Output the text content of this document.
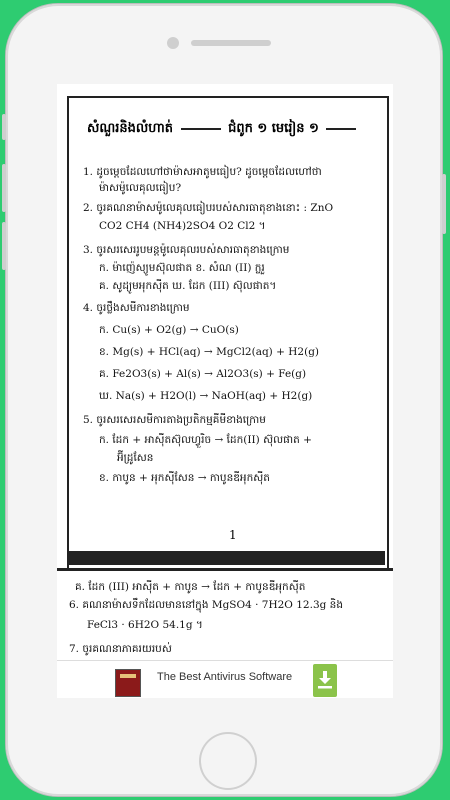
សំណួរនិងលំហាត់	ជំពូក ១ មេរៀន ១
1. ដូចម្ដេចដែលហៅថាម៉ាសអាតូមធៀប? ដូចម្ដេចដែលហៅថា
ម៉ាសម៉ូលេគុលធៀប?
2. ចូរគណនាម៉ាសម៉ូលេគុលធៀបរបស់សារធាតុខាងនោះ : ZnO
CO2 CH4 (NH4)2SO4 O2 Cl2 ។
3. ចូរសរសេររូបមន្តម៉ូលេគុលរបស់សារធាតុខាងក្រោម
ក. ម៉ាញ៉េស្យូមស៊ុលផាត ខ. សំណ (II) ក្លរួ
គ. សូដ្យូមអុកស៊ីត ឃ. ដែក (III) ស៊ុលផាត។
4. ចូរថ្លឹងសមីការខាងក្រោម
ក. Cu(s) + O2(g) → CuO(s)
ខ. Mg(s) + HCl(aq) → MgCl2(aq) + H2(g)
គ. Fe2O3(s) + Al(s) → Al2O3(s) + Fe(g)
ឃ. Na(s) + H2O(l) → NaOH(aq) + H2(g)
5. ចូរសរសេរសមីការតាងប្រតិកម្មគីមីខាងក្រោម
ក. ដែក + អាស៊ីតស៊ុលហ្វួរិច → ដែក(II) ស៊ុលផាត +
អ៊ីដ្រូសែន
ខ. កាបូន + អុកស៊ីសែន → កាបូនឌីអុកស៊ីត
1
គ. ដែក (III) អាស៊ីត + កាបូន → ដែក + កាបូនឌីអុកស៊ីត
6. គណនាម៉ាសទឹកដែលមាននៅក្នុង MgSO4 · 7H2O 12.3g និង
FeCl3 · 6H2O 54.1g ។
7. ចូរគណនាភាគរយរបស់
The Best Antivirus Software
